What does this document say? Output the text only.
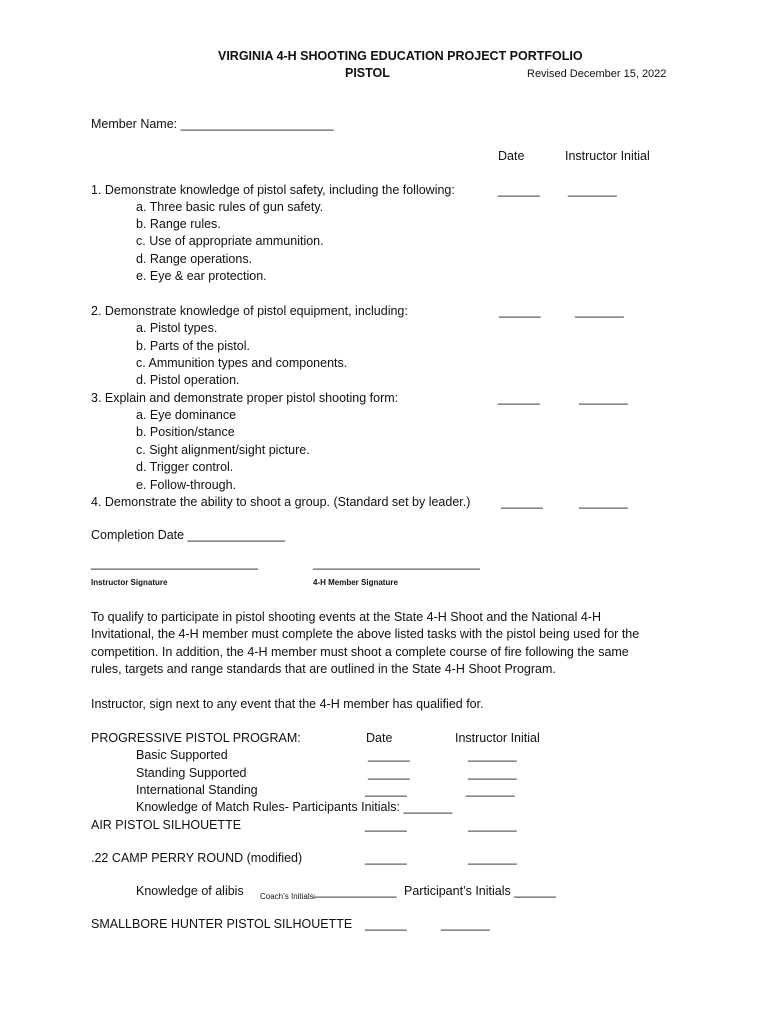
VIRGINIA 4-H SHOOTING EDUCATION PROJECT PORTFOLIO
PISTOL	Revised December 15, 2022
Member Name: ______________________
Date	Instructor Initial
1. Demonstrate knowledge of pistol safety, including the following:	______ _______
a. Three basic rules of gun safety.
b. Range rules.
c. Use of appropriate ammunition.
d. Range operations.
e. Eye & ear protection.
2. Demonstrate knowledge of pistol equipment, including:	______	_______
a. Pistol types.
b. Parts of the pistol.
c. Ammunition types and components.
d. Pistol operation.
3. Explain and demonstrate proper pistol shooting form:	______	_______
a. Eye dominance
b. Position/stance
c. Sight alignment/sight picture.
d. Trigger control.
e. Follow-through.
4. Demonstrate the ability to shoot a group. (Standard set by leader.) ______	_______
Completion Date ______________
________________________	________________________
Instructor Signature	4-H Member Signature
To qualify to participate in pistol shooting events at the State 4-H Shoot and the National 4-H
Invitational, the 4-H member must complete the above listed tasks with the pistol being used for the
competition. In addition, the 4-H member must shoot a complete course of fire following the same
rules, targets and range standards that are outlined in the State 4-H Shoot Program.
Instructor, sign next to any event that the 4-H member has qualified for.
PROGRESSIVE PISTOL PROGRAM:	Date	Instructor Initial
Basic Supported	______	_______
Standing Supported	______	_______
International Standing	______	_______
Knowledge of Match Rules- Participants Initials: _______
AIR PISTOL SILHOUETTE	______	_______
.22 CAMP PERRY ROUND (modified)	______	_______
Knowledge of alibis Coach’s Initials:
____________ Participant’s Initials ______
SMALLBORE HUNTER PISTOL SILHOUETTE ______	_______
